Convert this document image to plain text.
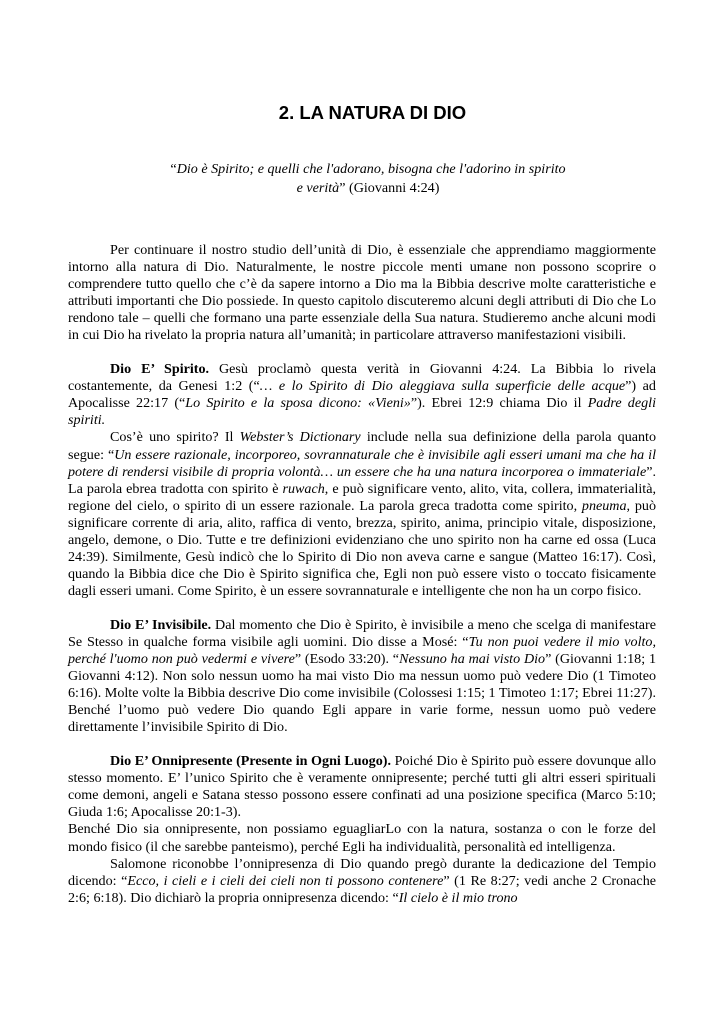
2. LA NATURA DI DIO
“Dio è Spirito; e quelli che l'adorano, bisogna che l'adorino in spirito
e verità” (Giovanni 4:24)

Per continuare il nostro studio dell’unità di Dio, è essenziale che apprendiamo maggiormente intorno alla natura di Dio. Naturalmente, le nostre piccole menti umane non possono scoprire o comprendere tutto quello che c’è da sapere intorno a Dio ma la Bibbia descrive molte caratteristiche e attributi importanti che Dio possiede. In questo capitolo discuteremo alcuni degli attributi di Dio che Lo rendono tale – quelli che formano una parte essenziale della Sua natura. Studieremo anche alcuni modi in cui Dio ha rivelato la propria natura all’umanità; in particolare attraverso manifestazioni visibili.

Dio E’ Spirito. Gesù proclamò questa verità in Giovanni 4:24. La Bibbia lo rivela costantemente, da Genesi 1:2 (“… e lo Spirito di Dio aleggiava sulla superficie delle acque”) ad Apocalisse 22:17 (“Lo Spirito e la sposa dicono: «Vieni»”). Ebrei 12:9 chiama Dio il Padre degli spiriti.

Cos’è uno spirito? Il Webster’s Dictionary include nella sua definizione della parola quanto segue: “Un essere razionale, incorporeo, sovrannaturale che è invisibile agli esseri umani ma che ha il potere di rendersi visibile di propria volontà… un essere che ha una natura incorporea o immateriale”. La parola ebrea tradotta con spirito è ruwach, e può significare vento, alito, vita, collera, immaterialità, regione del cielo, o spirito di un essere razionale. La parola greca tradotta come spirito, pneuma, può significare corrente di aria, alito, raffica di vento, brezza, spirito, anima, principio vitale, disposizione, angelo, demone, o Dio. Tutte e tre definizioni evidenziano che uno spirito non ha carne ed ossa (Luca 24:39). Similmente, Gesù indicò che lo Spirito di Dio non aveva carne e sangue (Matteo 16:17). Così, quando la Bibbia dice che Dio è Spirito significa che, Egli non può essere visto o toccato fisicamente dagli esseri umani. Come Spirito, è un essere sovrannaturale e intelligente che non ha un corpo fisico.

Dio E’ Invisibile. Dal momento che Dio è Spirito, è invisibile a meno che scelga di manifestare Se Stesso in qualche forma visibile agli uomini. Dio disse a Mosé: “Tu non puoi vedere il mio volto, perché l'uomo non può vedermi e vivere” (Esodo 33:20). “Nessuno ha mai visto Dio” (Giovanni 1:18; 1 Giovanni 4:12). Non solo nessun uomo ha mai visto Dio ma nessun uomo può vedere Dio (1 Timoteo 6:16). Molte volte la Bibbia descrive Dio come invisibile (Colossesi 1:15; 1 Timoteo 1:17; Ebrei 11:27). Benché l’uomo può vedere Dio quando Egli appare in varie forme, nessun uomo può vedere direttamente l’invisibile Spirito di Dio.

Dio E’ Onnipresente (Presente in Ogni Luogo). Poiché Dio è Spirito può essere dovunque allo stesso momento. E’ l’unico Spirito che è veramente onnipresente; perché tutti gli altri esseri spirituali come demoni, angeli e Satana stesso possono essere confinati ad una posizione specifica (Marco 5:10; Giuda 1:6; Apocalisse 20:1-3).

Benché Dio sia onnipresente, non possiamo eguagliarLo con la natura, sostanza o con le forze del mondo fisico (il che sarebbe panteismo), perché Egli ha individualità, personalità ed intelligenza.

Salomone riconobbe l’onnipresenza di Dio quando pregò durante la dedicazione del Tempio dicendo: “Ecco, i cieli e i cieli dei cieli non ti possono contenere” (1 Re 8:27; vedi anche 2 Cronache 2:6; 6:18). Dio dichiarò la propria onnipresenza dicendo: “Il cielo è il mio trono
